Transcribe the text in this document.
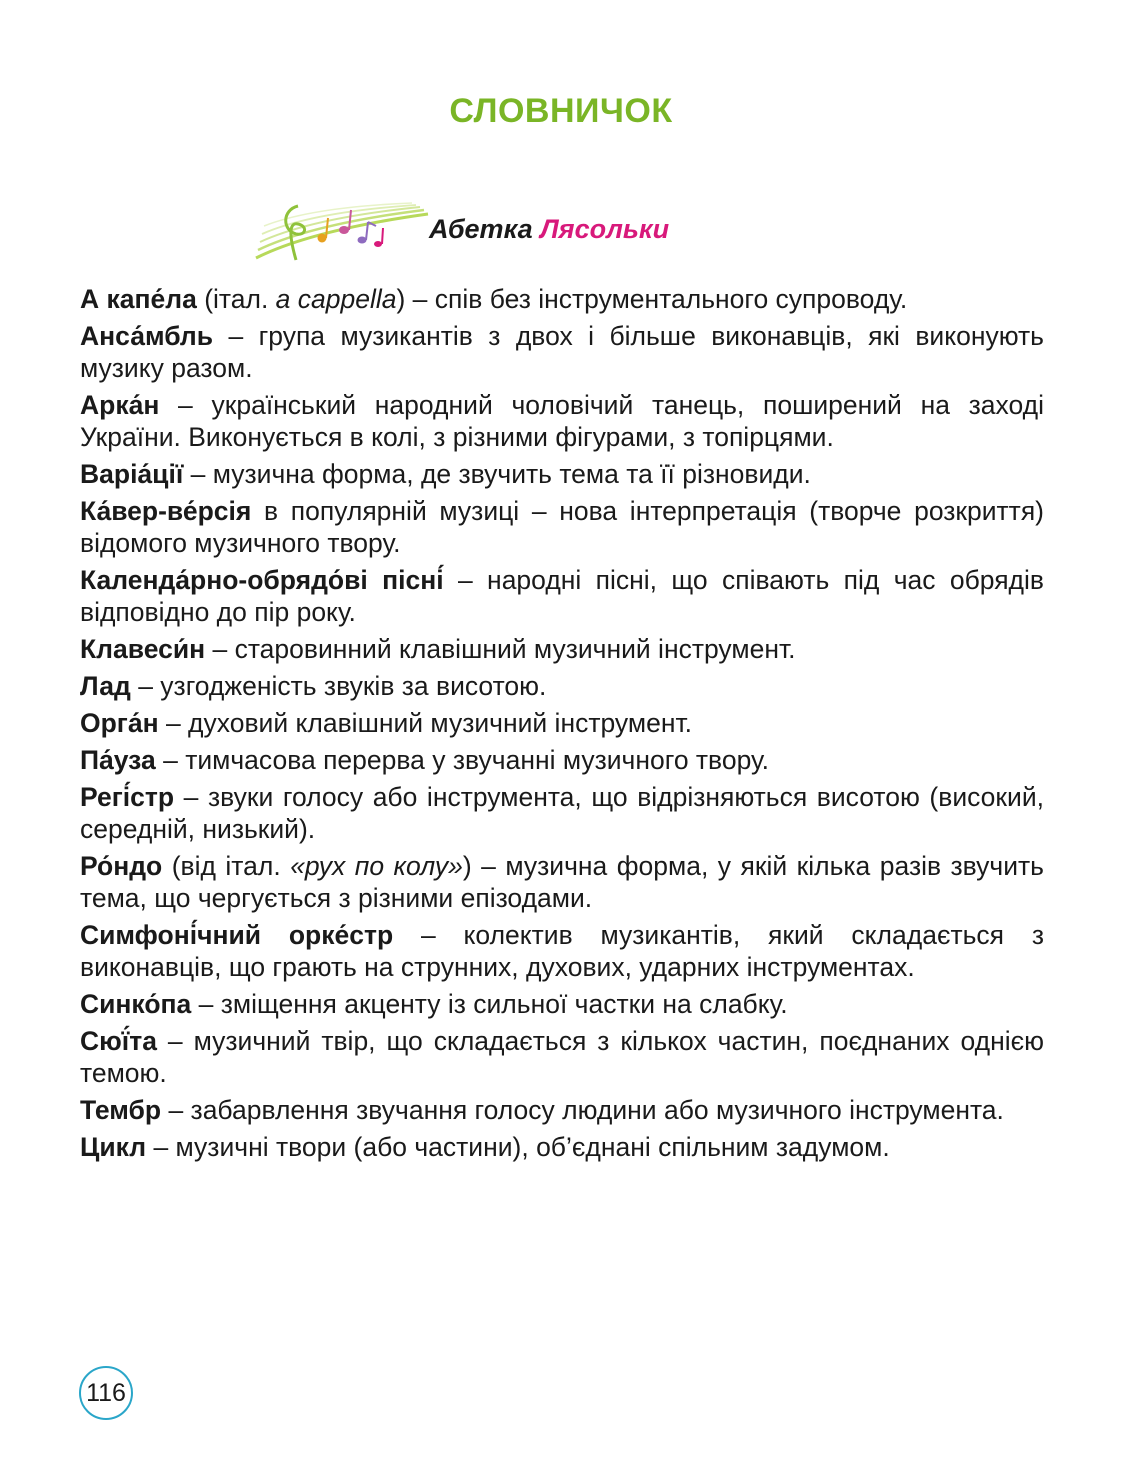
СЛОВНИЧОК
Абетка Лясольки

А капе́ла (італ. a cappella) – спів без інструментального супроводу.

Анса́мбль – група музикантів з двох і більше виконавців, які виконують музику разом.

Арка́н – український народний чоловічий танець, поширений на заході України. Виконується в колі, з різними фігурами, з топірцями.

Варіа́ції – музична форма, де звучить тема та її різновиди.

Ка́вер-ве́рсія в популярній музиці – нова інтерпретація (творче розкриття) відомого музичного твору.

Календа́рно-обрядо́ві пісні́ – народні пісні, що співають під час обрядів відповідно до пір року.

Клавеси́н – старовинний клавішний музичний інструмент.

Лад – узгодженість звуків за висотою.

Орга́н – духовий клавішний музичний інструмент.

Па́уза – тимчасова перерва у звучанні музичного твору.

Регі́стр – звуки голосу або інструмента, що відрізняються висотою (високий, середній, низький).

Ро́ндо (від італ. «рух по колу») – музична форма, у якій кілька разів звучить тема, що чергується з різними епізодами.

Симфоні́чний орке́стр – колектив музикантів, який складається з виконавців, що грають на струнних, духових, ударних інструментах.

Синко́па – зміщення акценту із сильної частки на слабку.

Сюї́та – музичний твір, що складається з кількох частин, поєднаних однією темою.

Тембр – забарвлення звучання голосу людини або музичного інструмента.

Цикл – музичні твори (або частини), об’єднані спільним задумом.

116
